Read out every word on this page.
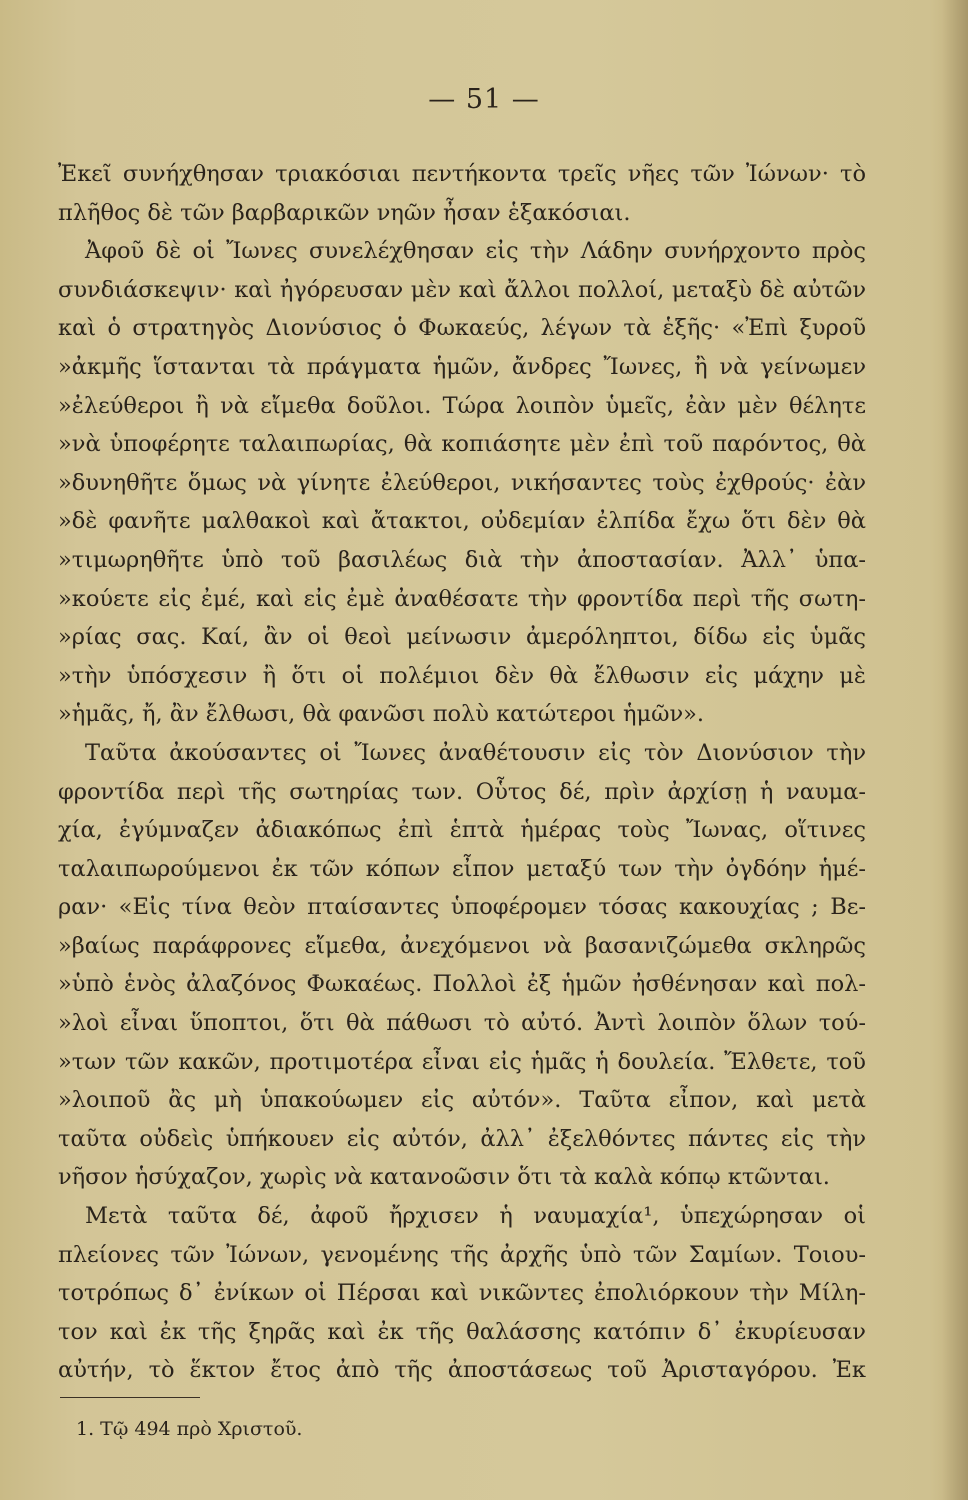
— 51 —
Ἐκεῖ συνήχθησαν τριακόσιαι πεντήκοντα τρεῖς νῆες τῶν Ἰώνων· τὸ
πλῆθος δὲ τῶν βαρβαρικῶν νηῶν ἦσαν ἑξακόσιαι.
Ἀφοῦ δὲ οἱ Ἴωνες συνελέχθησαν εἰς τὴν Λάδην συνήρχοντο πρὸς
συνδιάσκεψιν· καὶ ἠγόρευσαν μὲν καὶ ἄλλοι πολλοί, μεταξὺ δὲ αὐτῶν
καὶ ὁ στρατηγὸς Διονύσιος ὁ Φωκαεύς, λέγων τὰ ἑξῆς· «Ἐπὶ ξυροῦ
»ἀκμῆς ἵστανται τὰ πράγματα ἡμῶν, ἄνδρες Ἴωνες, ἢ νὰ γείνωμεν
»ἐλεύθεροι ἢ νὰ εἴμεθα δοῦλοι. Τώρα λοιπὸν ὑμεῖς, ἐὰν μὲν θέλητε
»νὰ ὑποφέρητε ταλαιπωρίας, θὰ κοπιάσητε μὲν ἐπὶ τοῦ παρόντος, θὰ
»δυνηθῆτε ὅμως νὰ γίνητε ἐλεύθεροι, νικήσαντες τοὺς ἐχθρούς· ἐὰν
»δὲ φανῆτε μαλθακοὶ καὶ ἄτακτοι, οὐδεμίαν ἐλπίδα ἔχω ὅτι δὲν θὰ
»τιμωρηθῆτε ὑπὸ τοῦ βασιλέως διὰ τὴν ἀποστασίαν. Ἀλλ᾽ ὑπα-
»κούετε εἰς ἐμέ, καὶ εἰς ἐμὲ ἀναθέσατε τὴν φροντίδα περὶ τῆς σωτη-
»ρίας σας. Καί, ἂν οἱ θεοὶ μείνωσιν ἀμερόληπτοι, δίδω εἰς ὑμᾶς
»τὴν ὑπόσχεσιν ἢ ὅτι οἱ πολέμιοι δὲν θὰ ἔλθωσιν εἰς μάχην μὲ
»ἡμᾶς, ἤ, ἂν ἔλθωσι, θὰ φανῶσι πολὺ κατώτεροι ἡμῶν».
Ταῦτα ἀκούσαντες οἱ Ἴωνες ἀναθέτουσιν εἰς τὸν Διονύσιον τὴν
φροντίδα περὶ τῆς σωτηρίας των. Οὗτος δέ, πρὶν ἀρχίσῃ ἡ ναυμα-
χία, ἐγύμναζεν ἀδιακόπως ἐπὶ ἑπτὰ ἡμέρας τοὺς Ἴωνας, οἵτινες
ταλαιπωρούμενοι ἐκ τῶν κόπων εἶπον μεταξύ των τὴν ὀγδόην ἡμέ-
ραν· «Εἰς τίνα θεὸν πταίσαντες ὑποφέρομεν τόσας κακουχίας ; Βε-
»βαίως παράφρονες εἴμεθα, ἀνεχόμενοι νὰ βασανιζώμεθα σκληρῶς
»ὑπὸ ἑνὸς ἀλαζόνος Φωκαέως. Πολλοὶ ἐξ ἡμῶν ἠσθένησαν καὶ πολ-
»λοὶ εἶναι ὕποπτοι, ὅτι θὰ πάθωσι τὸ αὐτό. Ἀντὶ λοιπὸν ὅλων τού-
»των τῶν κακῶν, προτιμοτέρα εἶναι εἰς ἡμᾶς ἡ δουλεία. Ἔλθετε, τοῦ
»λοιποῦ ἂς μὴ ὑπακούωμεν εἰς αὐτόν». Ταῦτα εἶπον, καὶ μετὰ
ταῦτα οὐδεὶς ὑπήκουεν εἰς αὐτόν, ἀλλ᾽ ἐξελθόντες πάντες εἰς τὴν
νῆσον ἡσύχαζον, χωρὶς νὰ κατανοῶσιν ὅτι τὰ καλὰ κόπῳ κτῶνται.
Μετὰ ταῦτα δέ, ἀφοῦ ἤρχισεν ἡ ναυμαχία¹, ὑπεχώρησαν οἱ
πλείονες τῶν Ἰώνων, γενομένης τῆς ἀρχῆς ὑπὸ τῶν Σαμίων. Τοιου-
τοτρόπως δ᾽ ἐνίκων οἱ Πέρσαι καὶ νικῶντες ἐπολιόρκουν τὴν Μίλη-
τον καὶ ἐκ τῆς ξηρᾶς καὶ ἐκ τῆς θαλάσσης κατόπιν δ᾽ ἐκυρίευσαν
αὐτήν, τὸ ἕκτον ἔτος ἀπὸ τῆς ἀποστάσεως τοῦ Ἀρισταγόρου. Ἐκ
1. Τῷ 494 πρὸ Χριστοῦ.
